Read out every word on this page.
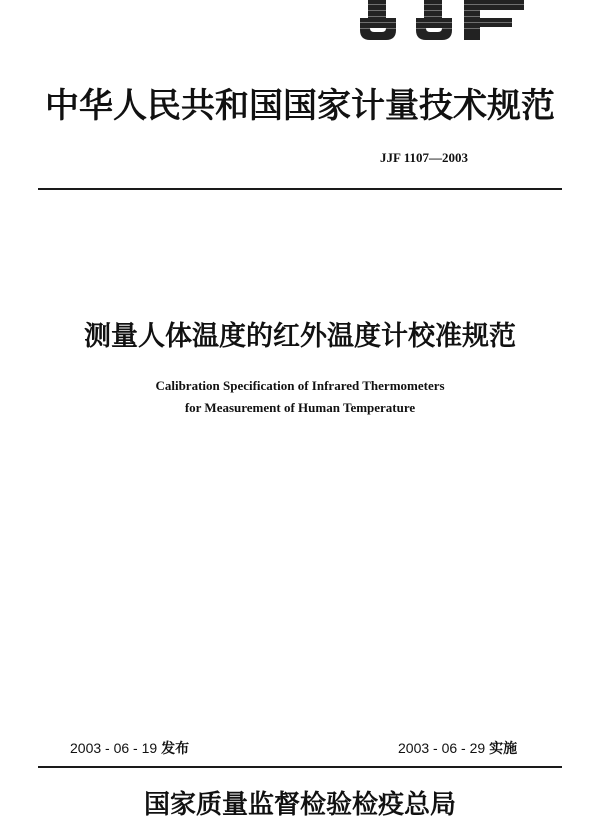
中华人民共和国国家计量技术规范
JJF 1107—2003
测量人体温度的红外温度计校准规范
Calibration Specification of Infrared Thermometers
for Measurement of Human Temperature
2003 - 06 - 19 发布	2003 - 06 - 29 实施
国家质量监督检验检疫总局
